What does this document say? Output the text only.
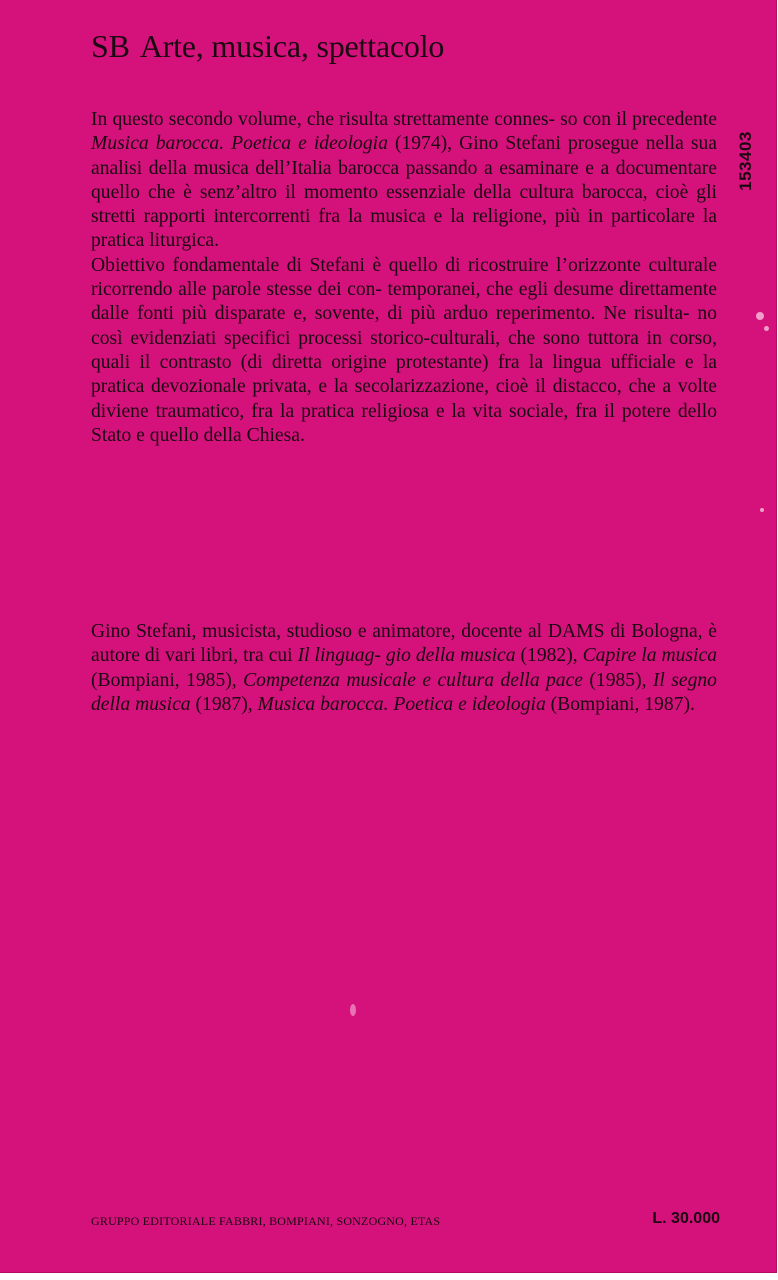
SB Arte, musica, spettacolo
153403

In questo secondo volume, che risulta strettamente connes- so con il precedente Musica barocca. Poetica e ideologia (1974), Gino Stefani prosegue nella sua analisi della musica dell’Italia barocca passando a esaminare e a documentare quello che è senz’altro il momento essenziale della cultura barocca, cioè gli stretti rapporti intercorrenti fra la musica e la religione, più in particolare la pratica liturgica.

Obiettivo fondamentale di Stefani è quello di ricostruire l’orizzonte culturale ricorrendo alle parole stesse dei con- temporanei, che egli desume direttamente dalle fonti più disparate e, sovente, di più arduo reperimento. Ne risulta- no così evidenziati specifici processi storico-culturali, che sono tuttora in corso, quali il contrasto (di diretta origine protestante) fra la lingua ufficiale e la pratica devozionale privata, e la secolarizzazione, cioè il distacco, che a volte diviene traumatico, fra la pratica religiosa e la vita sociale, fra il potere dello Stato e quello della Chiesa.

Gino Stefani, musicista, studioso e animatore, docente al DAMS di Bologna, è autore di vari libri, tra cui Il linguag- gio della musica (1982), Capire la musica (Bompiani, 1985), Competenza musicale e cultura della pace (1985), Il segno della musica (1987), Musica barocca. Poetica e ideologia (Bompiani, 1987).

GRUPPO EDITORIALE FABBRI, BOMPIANI, SONZOGNO, ETAS	L. 30.000
